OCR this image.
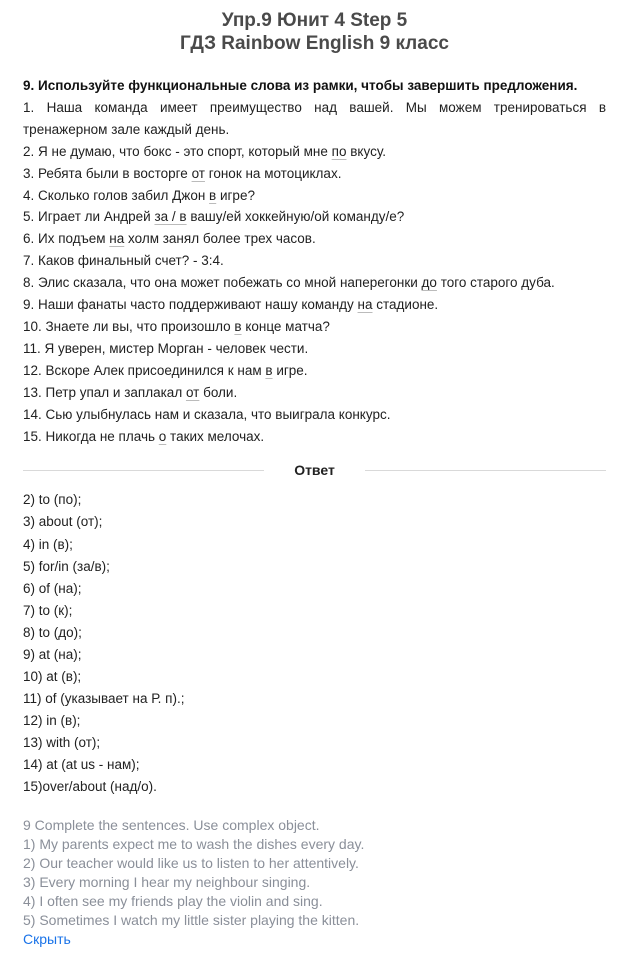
Упр.9 Юнит 4 Step 5
ГДЗ Rainbow English 9 класс
9. Используйте функциональные слова из рамки, чтобы завершить предложения.
1. Наша команда имеет преимущество над вашей. Мы можем тренироваться в тренажерном зале каждый день.
2. Я не думаю, что бокс - это спорт, который мне по вкусу.
3. Ребята были в восторге от гонок на мотоциклах.
4. Сколько голов забил Джон в игре?
5. Играет ли Андрей за / в вашу/ей хоккейную/ой команду/е?
6. Их подъем на холм занял более трех часов.
7. Каков финальный счет? - 3:4.
8. Элис сказала, что она может побежать со мной наперегонки до того старого дуба.
9. Наши фанаты часто поддерживают нашу команду на стадионе.
10. Знаете ли вы, что произошло в конце матча?
11. Я уверен, мистер Морган - человек чести.
12. Вскоре Алек присоединился к нам в игре.
13. Петр упал и заплакал от боли.
14. Сью улыбнулась нам и сказала, что выиграла конкурс.
15. Никогда не плачь о таких мелочах.
Ответ
2) to (по);
3) about (от);
4) in (в);
5) for/in (за/в);
6) of (на);
7) to (к);
8) to (до);
9) at (на);
10) at (в);
11) of (указывает на Р. п).;
12) in (в);
13) with (от);
14) at (at us - нам);
15)over/about (над/о).
9 Complete the sentences. Use complex object.
1) My parents expect me to wash the dishes every day.
2) Our teacher would like us to listen to her attentively.
3) Every morning I hear my neighbour singing.
4) I often see my friends play the violin and sing.
5) Sometimes I watch my little sister playing the kitten.
Скрыть
